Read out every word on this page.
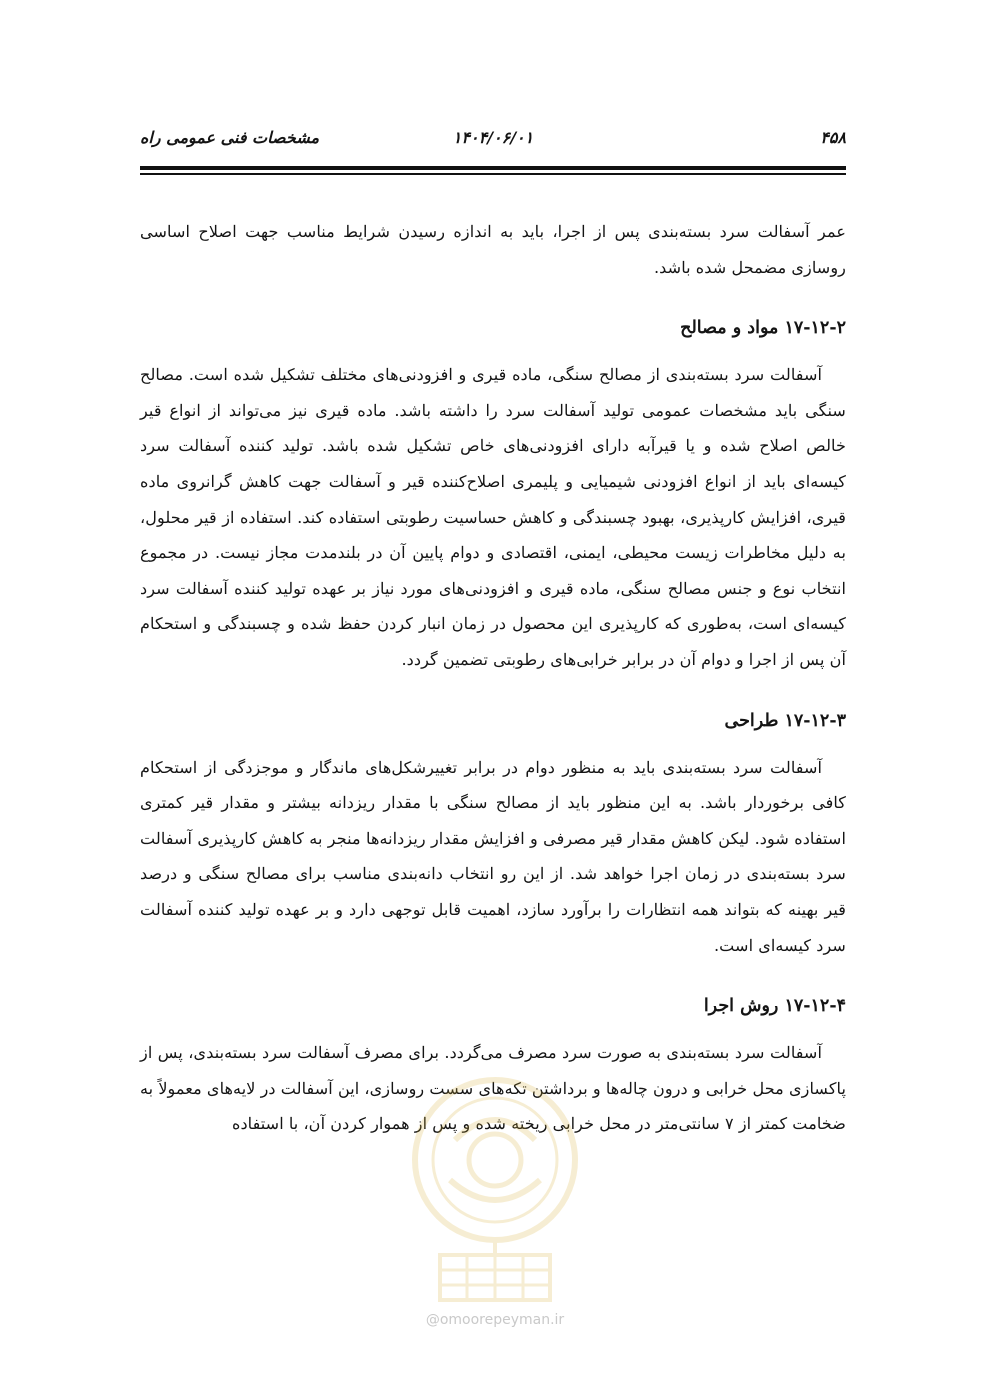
۴۵۸
۱۴۰۴/۰۶/۰۱
مشخصات فنی عمومی راه

عمر آسفالت سرد بسته‌بندی پس از اجرا، باید به اندازه رسیدن شرایط مناسب جهت اصلاح اساسی روسازی مضمحل شده باشد.

۱۷-۱۲-۲ مواد و مصالح

آسفالت سرد بسته‌بندی از مصالح سنگی، ماده قیری و افزودنی‌های مختلف تشکیل شده است. مصالح سنگی باید مشخصات عمومی تولید آسفالت سرد را داشته باشد. ماده قیری نیز می‌تواند از انواع قیر خالص اصلاح شده و یا قیرآبه دارای افزودنی‌های خاص تشکیل شده باشد. تولید کننده آسفالت سرد کیسه‌ای باید از انواع افزودنی شیمیایی و پلیمری اصلاح‌کننده قیر و آسفالت جهت کاهش گرانروی ماده قیری، افزایش کارپذیری، بهبود چسبندگی و کاهش حساسیت رطوبتی استفاده کند. استفاده از قیر محلول، به دلیل مخاطرات زیست محیطی، ایمنی، اقتصادی و دوام پایین آن در بلندمدت مجاز نیست. در مجموع انتخاب نوع و جنس مصالح سنگی، ماده قیری و افزودنی‌های مورد نیاز بر عهده تولید کننده آسفالت سرد کیسه‌ای است، به‌طوری که کارپذیری این محصول در زمان انبار کردن حفظ شده و چسبندگی و استحکام آن پس از اجرا و دوام آن در برابر خرابی‌های رطوبتی تضمین گردد.

۱۷-۱۲-۳ طراحی

آسفالت سرد بسته‌بندی باید به منظور دوام در برابر تغییرشکل‌های ماندگار و موجزدگی از استحکام کافی برخوردار باشد. به این منظور باید از مصالح سنگی با مقدار ریزدانه بیشتر و مقدار قیر کمتری استفاده شود. لیکن کاهش مقدار قیر مصرفی و افزایش مقدار ریزدانه‌ها منجر به کاهش کارپذیری آسفالت سرد بسته‌بندی در زمان اجرا خواهد شد. از این رو انتخاب دانه‌بندی مناسب برای مصالح سنگی و درصد قیر بهینه که بتواند همه انتظارات را برآورد سازد، اهمیت قابل توجهی دارد و بر عهده تولید کننده آسفالت سرد کیسه‌ای است.

۱۷-۱۲-۴ روش اجرا

آسفالت سرد بسته‌بندی به صورت سرد مصرف می‌گردد. برای مصرف آسفالت سرد بسته‌بندی، پس از پاکسازی محل خرابی و درون چاله‌ها و برداشتن تکه‌های سست روسازی، این آسفالت در لایه‌های معمولاً به ضخامت کمتر از ۷ سانتی‌متر در محل خرابی ریخته شده و پس از هموار کردن آن، با استفاده

@omoorepeyman.ir
